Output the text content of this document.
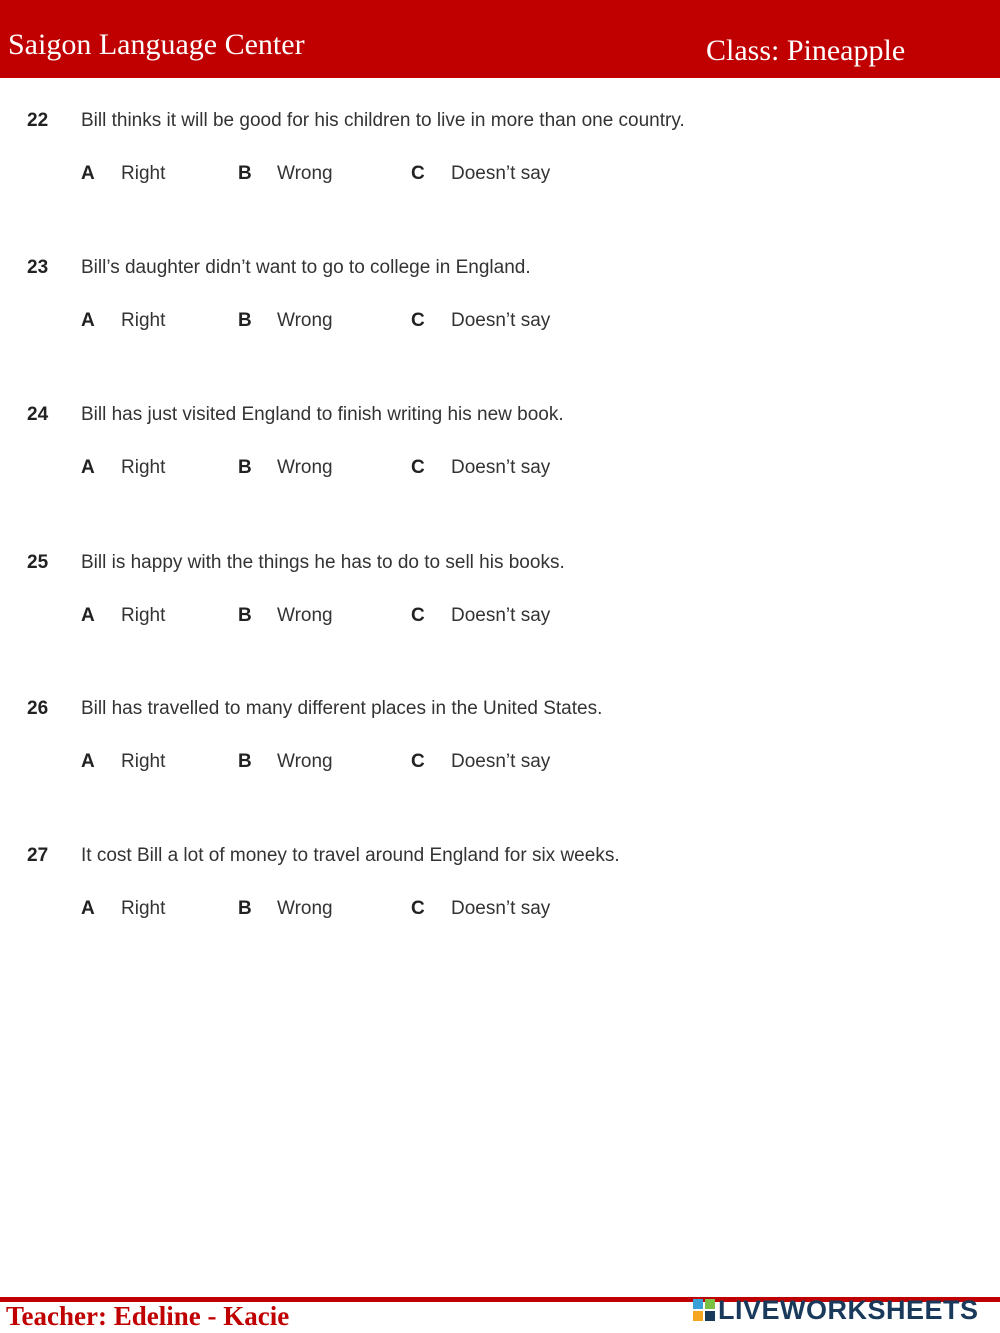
Saigon Language Center	Class: Pineapple
22 Bill thinks it will be good for his children to live in more than one country.
A Right	B Wrong	C Doesn’t say
23 Bill’s daughter didn’t want to go to college in England.
A Right	B Wrong	C Doesn’t say
24 Bill has just visited England to finish writing his new book.
A Right	B Wrong	C Doesn’t say
25 Bill is happy with the things he has to do to sell his books.
A Right	B Wrong	C Doesn’t say
26 Bill has travelled to many different places in the United States.
A Right	B Wrong	C Doesn’t say
27 It cost Bill a lot of money to travel around England for six weeks.
A Right	B Wrong	C Doesn’t say
Teacher: Edeline - Kacie	LIVEWORKSHEETS
